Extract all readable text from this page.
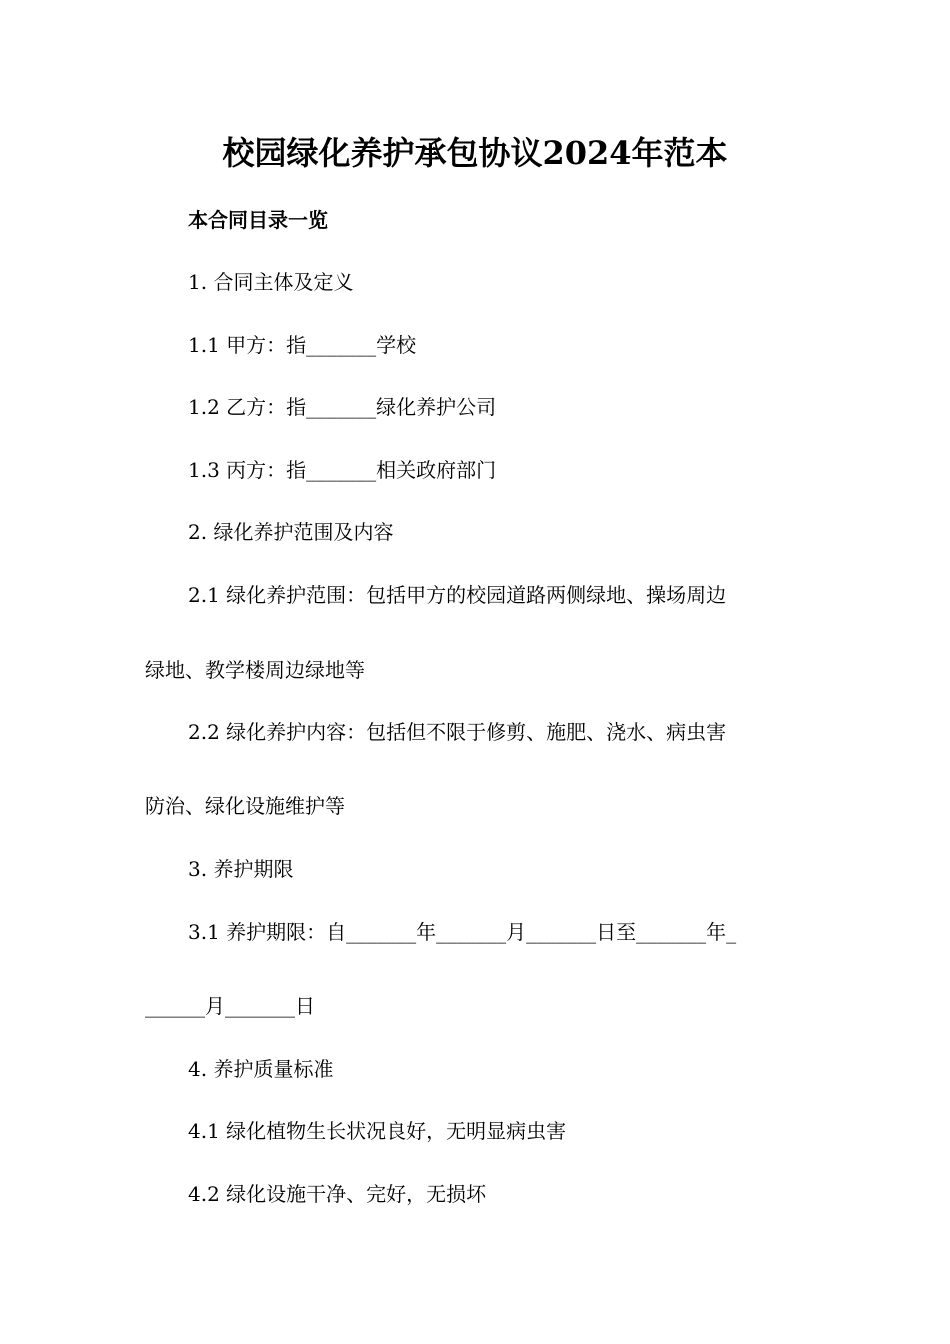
校园绿化养护承包协议2024年范本
本合同目录一览
1. 合同主体及定义
1.1 甲方：指_______学校
1.2 乙方：指_______绿化养护公司
1.3 丙方：指_______相关政府部门
2. 绿化养护范围及内容
2.1 绿化养护范围：包括甲方的校园道路两侧绿地、操场周边
绿地、教学楼周边绿地等
2.2 绿化养护内容：包括但不限于修剪、施肥、浇水、病虫害
防治、绿化设施维护等
3. 养护期限
3.1 养护期限：自_______年_______月_______日至_______年_
______月_______日
4. 养护质量标准
4.1 绿化植物生长状况良好，无明显病虫害
4.2 绿化设施干净、完好，无损坏
